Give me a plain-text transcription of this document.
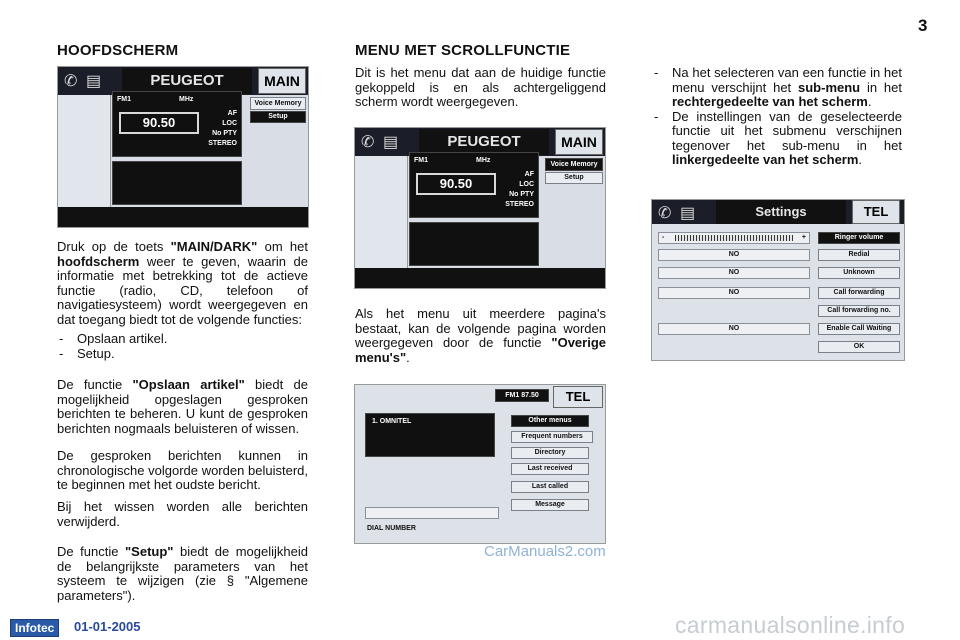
3
HOOFDSCHERM
✆ ▤	PEUGEOT	MAIN
FM1	MHz
90.50
AF
LOC
No PTY
STEREO
Voice Memory
Setup
Druk op de toets "MAIN/DARK" om het hoofdscherm weer te geven, waarin de informatie met betrekking tot de actieve functie (radio, CD, telefoon of navigatiesysteem) wordt weergegeven en dat toegang biedt tot de volgende functies:
- Opslaan artikel.
- Setup.
De functie "Opslaan artikel" biedt de mogelijkheid opgeslagen gesproken berichten te beheren. U kunt de gesproken berichten nogmaals beluisteren of wissen.
De gesproken berichten kunnen in chronologische volgorde worden beluisterd, te beginnen met het oudste bericht.
Bij het wissen worden alle berichten verwijderd.
De functie "Setup" biedt de mogelijkheid de belangrijkste parameters van het systeem te wijzigen (zie § "Algemene parameters").
MENU MET SCROLLFUNCTIE
Dit is het menu dat aan de huidige functie gekoppeld is en als achtergeliggend scherm wordt weergegeven.
✆ ▤	PEUGEOT	MAIN
FM1	MHz
90.50
AF
LOC
No PTY
STEREO
Voice Memory
Setup
Als het menu uit meerdere pagina's bestaat, kan de volgende pagina worden weergegeven door de functie "Overige menu's".
FM1 87.50	TEL
1. OMNITEL
DIAL NUMBER
Other menus
Frequent numbers
Directory
Last received
Last called
Message
CarManuals2.com
- Na het selecteren van een functie in het menu verschijnt het sub-menu in het rechtergedeelte van het scherm.
- De instellingen van de geselecteerde functie uit het submenu verschijnen tegenover het sub-menu in het linkergedeelte van het scherm.
✆ ▤	Settings	TEL
-	+
NO
NO
NO
NO
Ringer volume
Redial
Unknown
Call forwarding
Call forwarding no.
Enable Call Waiting
OK
Infotec	01-01-2005	carmanualsonline.info
